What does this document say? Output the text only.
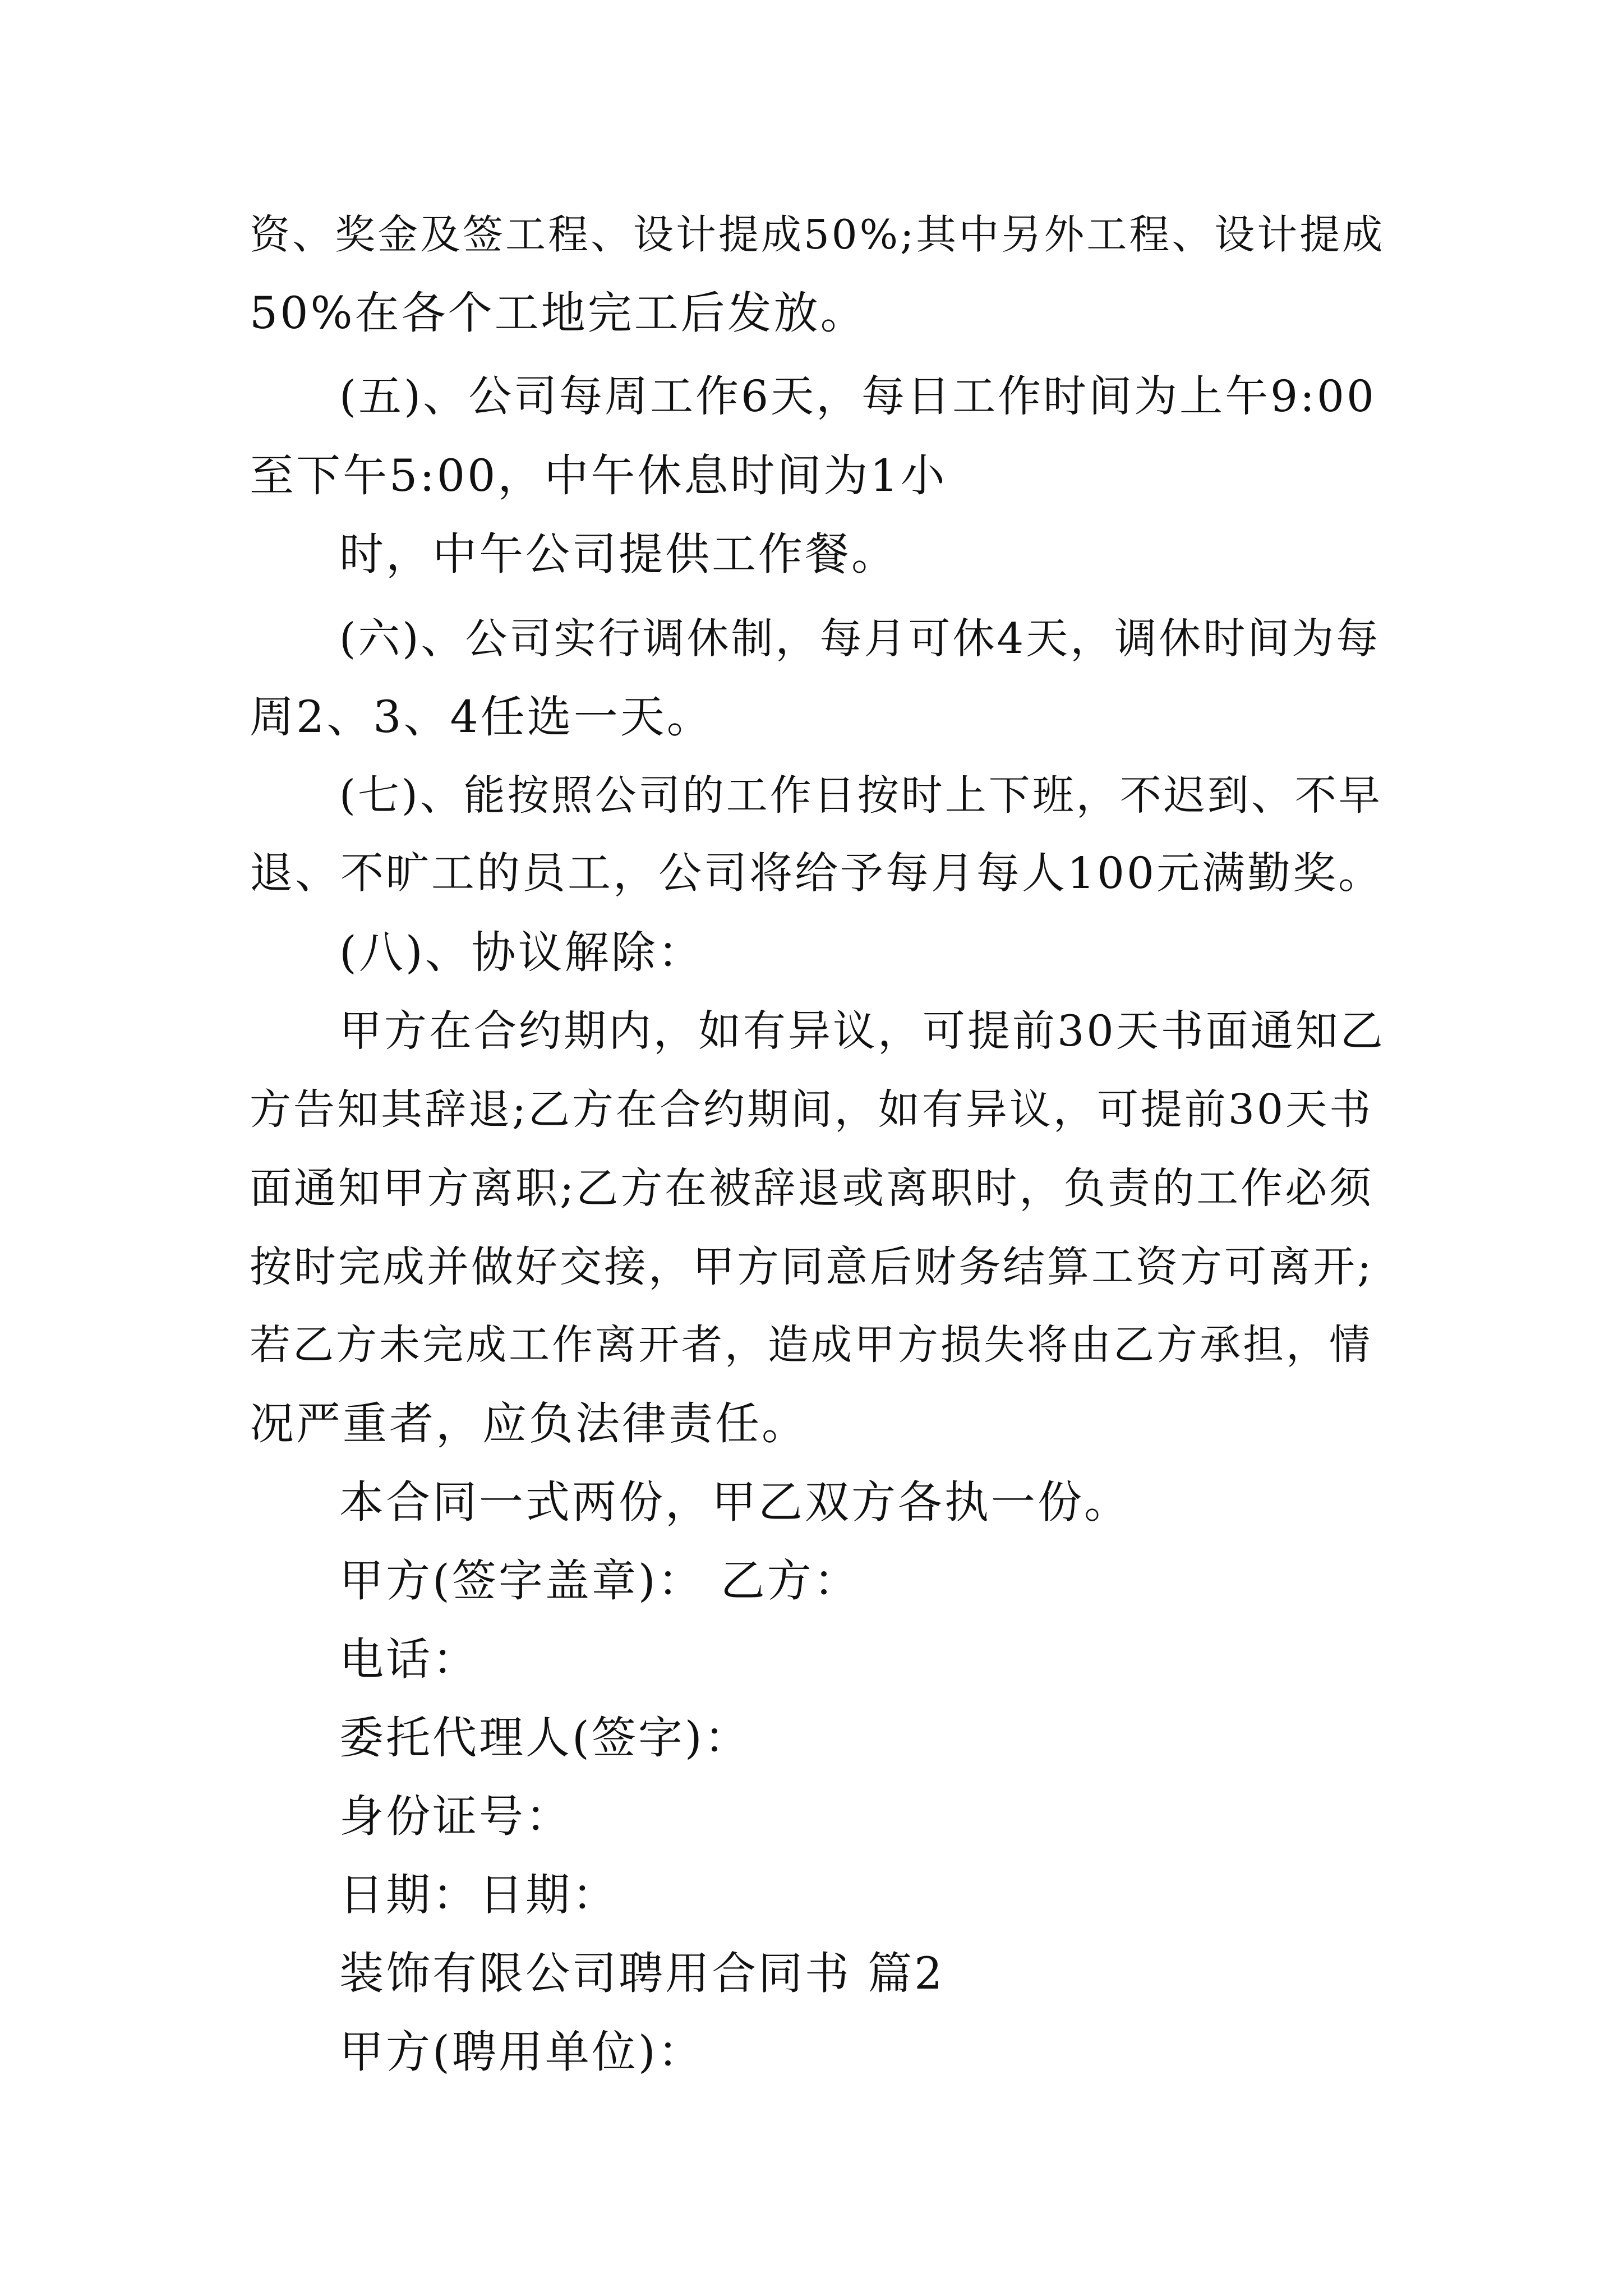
资、奖金及签工程、设计提成50%;其中另外工程、设计提成
50%在各个工地完工后发放。
(五)、公司每周工作6天，每日工作时间为上午9:00
至下午5:00，中午休息时间为1小
时，中午公司提供工作餐。
(六)、公司实行调休制，每月可休4天，调休时间为每
周2、3、4任选一天。
(七)、能按照公司的工作日按时上下班，不迟到、不早
退、不旷工的员工，公司将给予每月每人100元满勤奖。
(八)、协议解除：
甲方在合约期内，如有异议，可提前30天书面通知乙
方告知其辞退;乙方在合约期间，如有异议，可提前30天书
面通知甲方离职;乙方在被辞退或离职时，负责的工作必须
按时完成并做好交接，甲方同意后财务结算工资方可离开;
若乙方未完成工作离开者，造成甲方损失将由乙方承担，情
况严重者，应负法律责任。
本合同一式两份，甲乙双方各执一份。
甲方(签字盖章)： 乙方：
电话：
委托代理人(签字)：
身份证号：
日期：日期：
装饰有限公司聘用合同书 篇2
甲方(聘用单位)：
